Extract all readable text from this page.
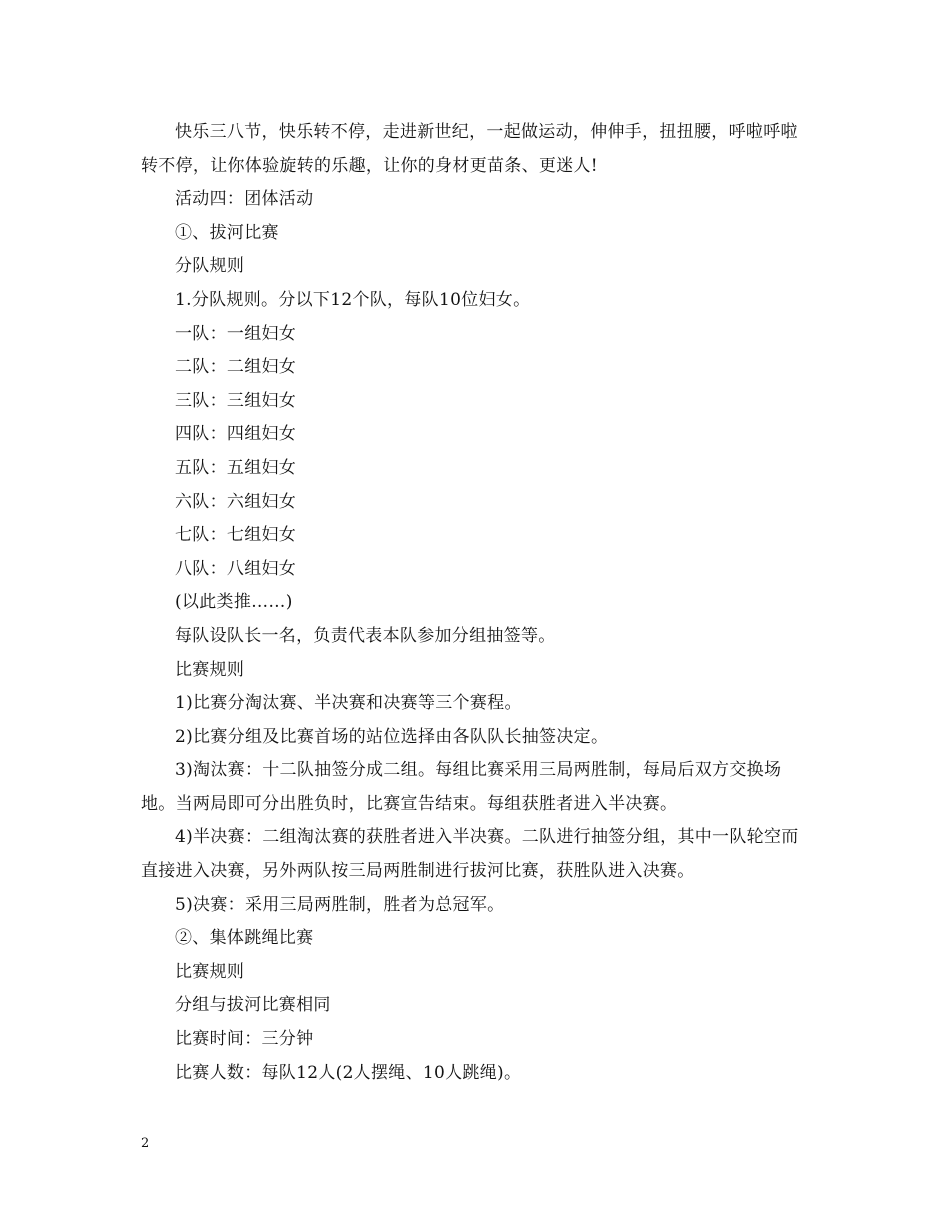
快乐三八节，快乐转不停，走进新世纪，一起做运动，伸伸手，扭扭腰，呼啦呼啦转不停，让你体验旋转的乐趣，让你的身材更苗条、更迷人!

活动四：团体活动

①、拔河比赛

分队规则

1.分队规则。分以下12个队，每队10位妇女。

一队：一组妇女

二队：二组妇女

三队：三组妇女

四队：四组妇女

五队：五组妇女

六队：六组妇女

七队：七组妇女

八队：八组妇女

(以此类推……)

每队设队长一名，负责代表本队参加分组抽签等。

比赛规则

1)比赛分淘汰赛、半决赛和决赛等三个赛程。

2)比赛分组及比赛首场的站位选择由各队队长抽签决定。

3)淘汰赛：十二队抽签分成二组。每组比赛采用三局两胜制，每局后双方交换场地。当两局即可分出胜负时，比赛宣告结束。每组获胜者进入半决赛。

4)半决赛：二组淘汰赛的获胜者进入半决赛。二队进行抽签分组，其中一队轮空而直接进入决赛，另外两队按三局两胜制进行拔河比赛，获胜队进入决赛。

5)决赛：采用三局两胜制，胜者为总冠军。

②、集体跳绳比赛

比赛规则

分组与拔河比赛相同

比赛时间：三分钟

比赛人数：每队12人(2人摆绳、10人跳绳)。

2
